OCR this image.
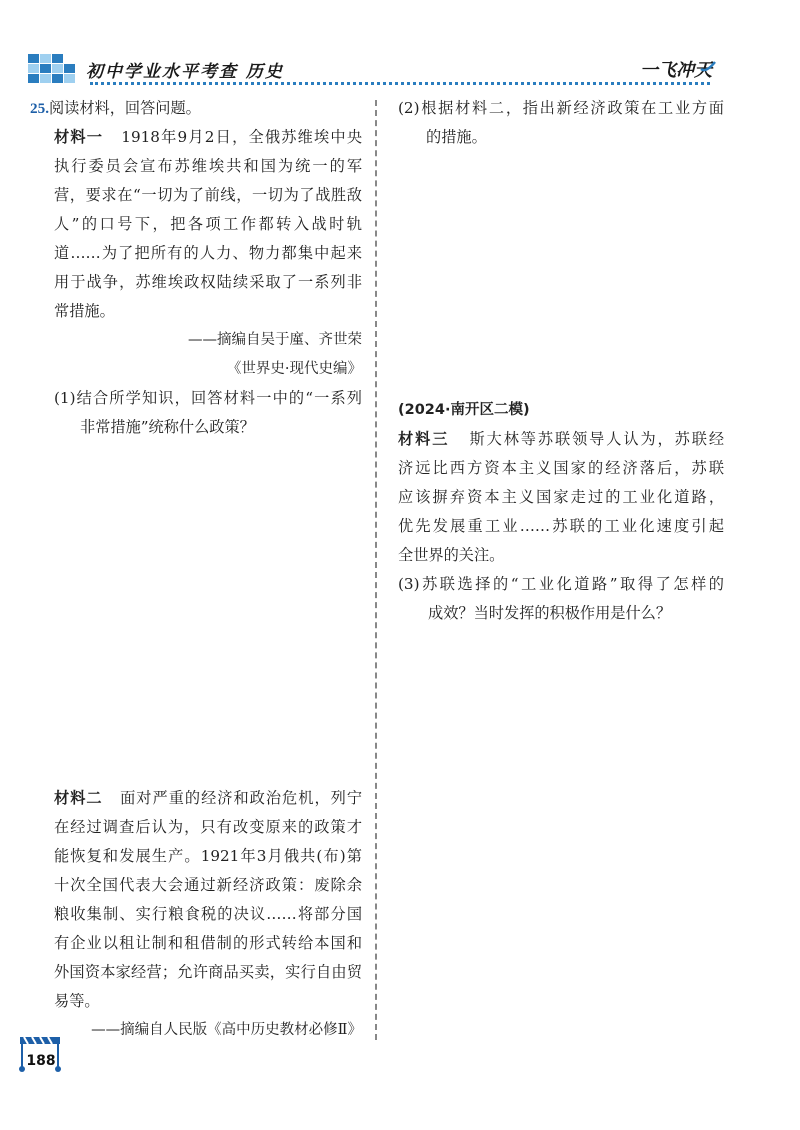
初中学业水平考查 历史	一飞冲天

25.阅读材料，回答问题。

材料一 1918年9月2日，全俄苏维埃中央

执行委员会宣布苏维埃共和国为统一的军

营，要求在“一切为了前线，一切为了战胜敌

人”的口号下，把各项工作都转入战时轨

道……为了把所有的人力、物力都集中起来

用于战争，苏维埃政权陆续采取了一系列非

常措施。

——摘编自吴于廑、齐世荣

《世界史·现代史编》

(1)结合所学知识，回答材料一中的“一系列

非常措施”统称什么政策？

材料二 面对严重的经济和政治危机，列宁

在经过调查后认为，只有改变原来的政策才

能恢复和发展生产。1921年3月俄共(布)第

十次全国代表大会通过新经济政策：废除余

粮收集制、实行粮食税的决议……将部分国

有企业以租让制和租借制的形式转给本国和

外国资本家经营；允许商品买卖，实行自由贸

易等。

——摘编自人民版《高中历史教材必修Ⅱ》

(2)根据材料二，指出新经济政策在工业方面

的措施。

(2024·南开区二模)

材料三 斯大林等苏联领导人认为，苏联经

济远比西方资本主义国家的经济落后，苏联

应该摒弃资本主义国家走过的工业化道路，

优先发展重工业……苏联的工业化速度引起

全世界的关注。

(3)苏联选择的“工业化道路”取得了怎样的

成效？当时发挥的积极作用是什么？

188
